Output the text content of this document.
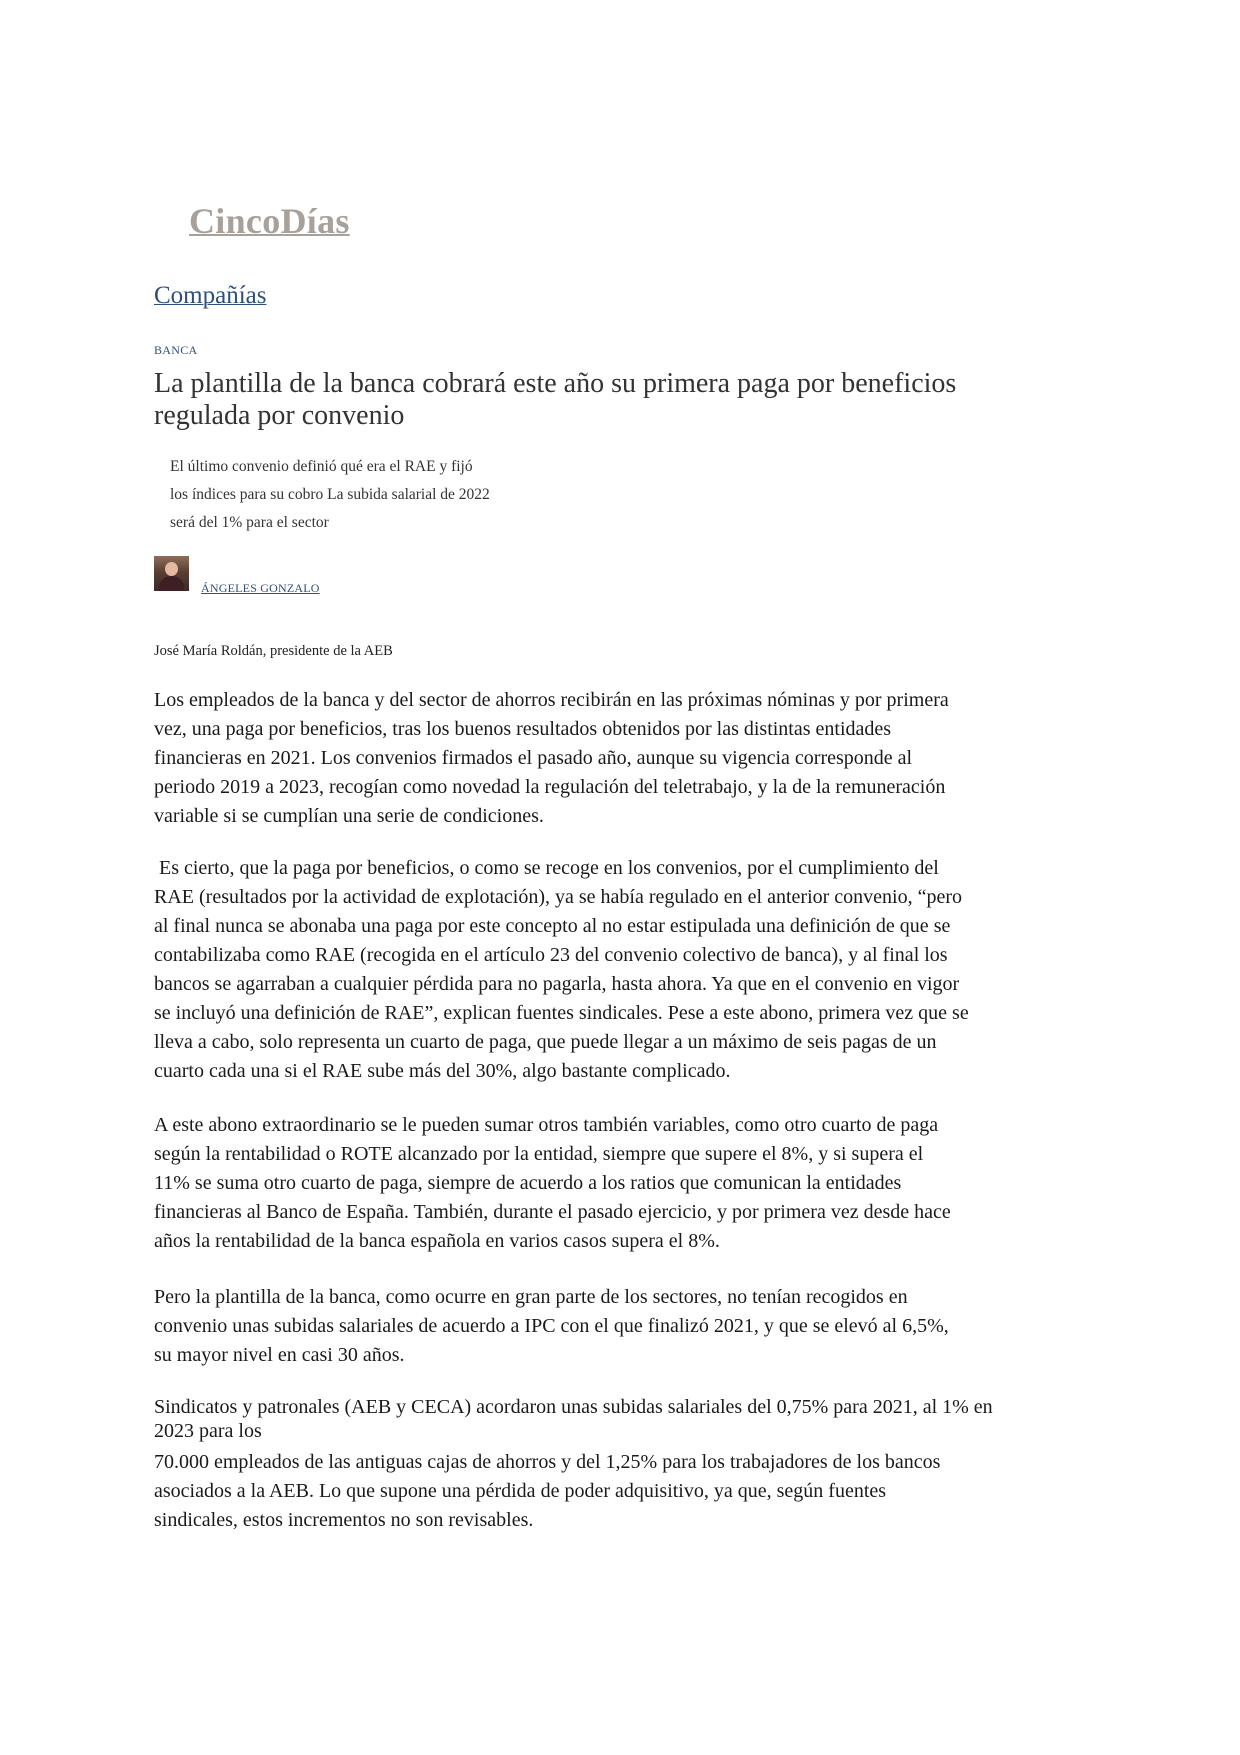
CincoDías
Compañías
BANCA
La plantilla de la banca cobrará este año su primera paga por beneficios regulada por convenio
El último convenio definió qué era el RAE y fijó
los índices para su cobro La subida salarial de 2022
será del 1% para el sector
ÁNGELES GONZALO
José María Roldán, presidente de la AEB
Los empleados de la banca y del sector de ahorros recibirán en las próximas nóminas y por primera
vez, una paga por beneficios, tras los buenos resultados obtenidos por las distintas entidades
financieras en 2021. Los convenios firmados el pasado año, aunque su vigencia corresponde al
periodo 2019 a 2023, recogían como novedad la regulación del teletrabajo, y la de la remuneración
variable si se cumplían una serie de condiciones.
Es cierto, que la paga por beneficios, o como se recoge en los convenios, por el cumplimiento del
RAE (resultados por la actividad de explotación), ya se había regulado en el anterior convenio, “pero
al final nunca se abonaba una paga por este concepto al no estar estipulada una definición de que se
contabilizaba como RAE (recogida en el artículo 23 del convenio colectivo de banca), y al final los
bancos se agarraban a cualquier pérdida para no pagarla, hasta ahora. Ya que en el convenio en vigor
se incluyó una definición de RAE”, explican fuentes sindicales. Pese a este abono, primera vez que se
lleva a cabo, solo representa un cuarto de paga, que puede llegar a un máximo de seis pagas de un
cuarto cada una si el RAE sube más del 30%, algo bastante complicado.
A este abono extraordinario se le pueden sumar otros también variables, como otro cuarto de paga
según la rentabilidad o ROTE alcanzado por la entidad, siempre que supere el 8%, y si supera el
11% se suma otro cuarto de paga, siempre de acuerdo a los ratios que comunican la entidades
financieras al Banco de España. También, durante el pasado ejercicio, y por primera vez desde hace
años la rentabilidad de la banca española en varios casos supera el 8%.
Pero la plantilla de la banca, como ocurre en gran parte de los sectores, no tenían recogidos en
convenio unas subidas salariales de acuerdo a IPC con el que finalizó 2021, y que se elevó al 6,5%,
su mayor nivel en casi 30 años.
Sindicatos y patronales (AEB y CECA) acordaron unas subidas salariales del 0,75% para 2021, al 1% en
2023 para los
70.000 empleados de las antiguas cajas de ahorros y del 1,25% para los trabajadores de los bancos
asociados a la AEB. Lo que supone una pérdida de poder adquisitivo, ya que, según fuentes
sindicales, estos incrementos no son revisables.
